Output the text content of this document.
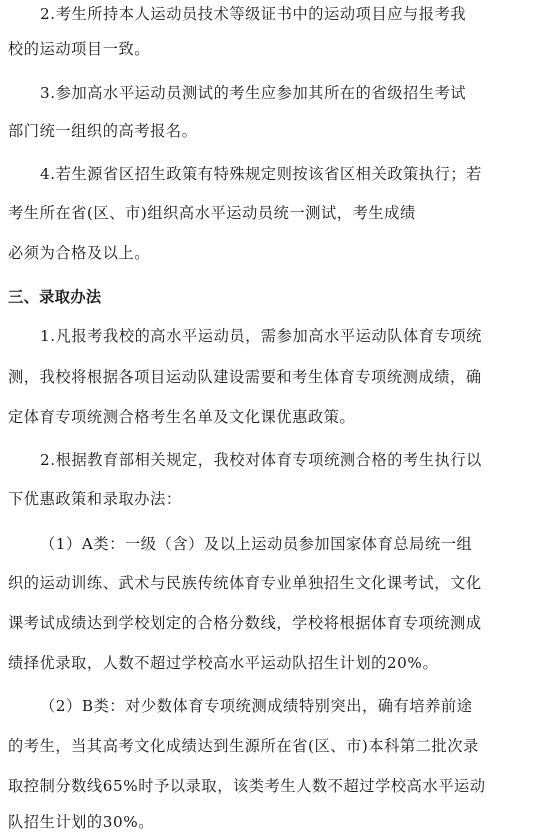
2.考生所持本人运动员技术等级证书中的运动项目应与报考我
校的运动项目一致。
3.参加高水平运动员测试的考生应参加其所在的省级招生考试
部门统一组织的高考报名。
4.若生源省区招生政策有特殊规定则按该省区相关政策执行；若
考生所在省(区、市)组织高水平运动员统一测试，考生成绩
必须为合格及以上。
三、录取办法
1.凡报考我校的高水平运动员，需参加高水平运动队体育专项统
测，我校将根据各项目运动队建设需要和考生体育专项统测成绩，确
定体育专项统测合格考生名单及文化课优惠政策。
2.根据教育部相关规定，我校对体育专项统测合格的考生执行以
下优惠政策和录取办法：
（1）A类：一级（含）及以上运动员参加国家体育总局统一组
织的运动训练、武术与民族传统体育专业单独招生文化课考试，文化
课考试成绩达到学校划定的合格分数线，学校将根据体育专项统测成
绩择优录取，人数不超过学校高水平运动队招生计划的20%。
（2）B类：对少数体育专项统测成绩特别突出，确有培养前途
的考生，当其高考文化成绩达到生源所在省(区、市)本科第二批次录
取控制分数线65%时予以录取，该类考生人数不超过学校高水平运动
队招生计划的30%。
